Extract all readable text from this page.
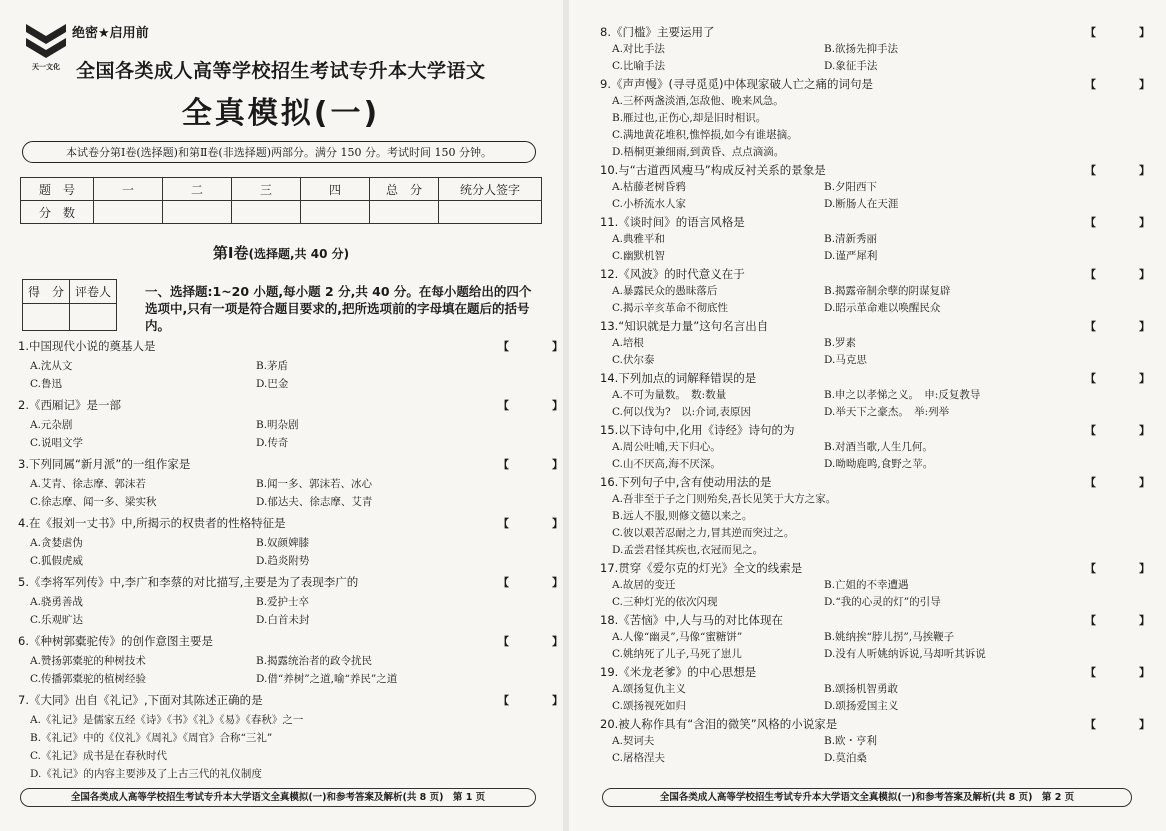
天一文化
绝密★启用前
全国各类成人高等学校招生考试专升本大学语文
全真模拟(一)
本试卷分第Ⅰ卷(选择题)和第Ⅱ卷(非选择题)两部分。满分 150 分。考试时间 150 分钟。
题　号	一	二	三	四	总　分	统分人签字
分　数						
第Ⅰ卷(选择题,共 40 分)
得　分	评卷人
		一、选择题:1~20 小题,每小题 2 分,共 40 分。在每小题给出的四个选项中,只有一项是符合题目要求的,把所选项前的字母填在题后的括号内。
1.中国现代小说的奠基人是	【　】
A.沈从文	B.茅盾
C.鲁迅	D.巴金
2.《西厢记》是一部	【　】
A.元杂剧	B.明杂剧
C.说唱文学	D.传奇
3.下列同属“新月派”的一组作家是	【　】
A.艾青、徐志摩、郭沫若	B.闻一多、郭沫若、冰心
C.徐志摩、闻一多、梁实秋	D.郁达夫、徐志摩、艾青
4.在《报刘一丈书》中,所揭示的权贵者的性格特征是	【　】
A.贪婪虐伪	B.奴颜婢膝
C.狐假虎威	D.趋炎附势
5.《李将军列传》中,李广和李蔡的对比描写,主要是为了表现李广的	【　】
A.骁勇善战	B.爱护士卒
C.乐观旷达	D.白首未封
6.《种树郭橐驼传》的创作意图主要是	【　】
A.赞扬郭橐驼的种树技术	B.揭露统治者的政令扰民
C.传播郭橐驼的植树经验	D.借“养树”之道,喻“养民”之道
7.《大同》出自《礼记》,下面对其陈述正确的是	【　】
A.《礼记》是儒家五经《诗》《书》《礼》《易》《春秋》之一
B.《礼记》中的《仪礼》《周礼》《周官》合称“三礼”
C.《礼记》成书是在春秋时代
D.《礼记》的内容主要涉及了上古三代的礼仪制度
全国各类成人高等学校招生考试专升本大学语文全真模拟(一)和参考答案及解析(共 8 页)　第 1 页
8.《门槛》主要运用了	【　】
A.对比手法	B.欲扬先抑手法
C.比喻手法	D.象征手法
9.《声声慢》(寻寻觅觅)中体现家破人亡之痛的词句是	【　】
A.三杯两盏淡酒,怎敌他、晚来风急。
B.雁过也,正伤心,却是旧时相识。
C.满地黄花堆积,憔悴损,如今有谁堪摘。
D.梧桐更兼细雨,到黄昏、点点滴滴。
10.与“古道西风瘦马”构成反衬关系的景象是	【　】
A.枯藤老树昏鸦	B.夕阳西下
C.小桥流水人家	D.断肠人在天涯
11.《谈时间》的语言风格是	【　】
A.典雅平和	B.清新秀丽
C.幽默机智	D.谨严犀利
12.《风波》的时代意义在于	【　】
A.暴露民众的愚昧落后	B.揭露帝制余孽的阴谋复辟
C.揭示辛亥革命不彻底性	D.昭示革命难以唤醒民众
13.“知识就是力量”这句名言出自	【　】
A.培根	B.罗素
C.伏尔泰	D.马克思
14.下列加点的词解释错误的是	【　】
A.不可为量数。　数:数量	B.申之以孝悌之义。　申:反复教导
C.何以伐为?　以:介词,表原因	D.举天下之豪杰。　举:列举
15.以下诗句中,化用《诗经》诗句的为	【　】
A.周公吐哺,天下归心。	B.对酒当歌,人生几何。
C.山不厌高,海不厌深。	D.呦呦鹿鸣,食野之苹。
16.下列句子中,含有使动用法的是	【　】
A.吾非至于子之门则殆矣,吾长见笑于大方之家。
B.远人不服,则修文德以来之。
C.彼以艰苦忍耐之力,冒其逆而突过之。
D.孟尝君怪其疾也,衣冠而见之。
17.贯穿《爱尔克的灯光》全文的线索是	【　】
A.故居的变迁	B.亡姐的不幸遭遇
C.三种灯光的依次闪现	D.“我的心灵的灯”的引导
18.《苦恼》中,人与马的对比体现在	【　】
A.人像“幽灵”,马像“蜜糖饼”	B.姚纳挨“脖儿拐”,马挨鞭子
C.姚纳死了儿子,马死了崽儿	D.没有人听姚纳诉说,马却听其诉说
19.《米龙老爹》的中心思想是	【　】
A.颂扬复仇主义	B.颂扬机智勇敢
C.颂扬视死如归	D.颂扬爱国主义
20.被人称作具有“含泪的微笑”风格的小说家是	【　】
A.契诃夫	B.欧・亨利
C.屠格涅夫	D.莫泊桑
全国各类成人高等学校招生考试专升本大学语文全真模拟(一)和参考答案及解析(共 8 页)　第 2 页
